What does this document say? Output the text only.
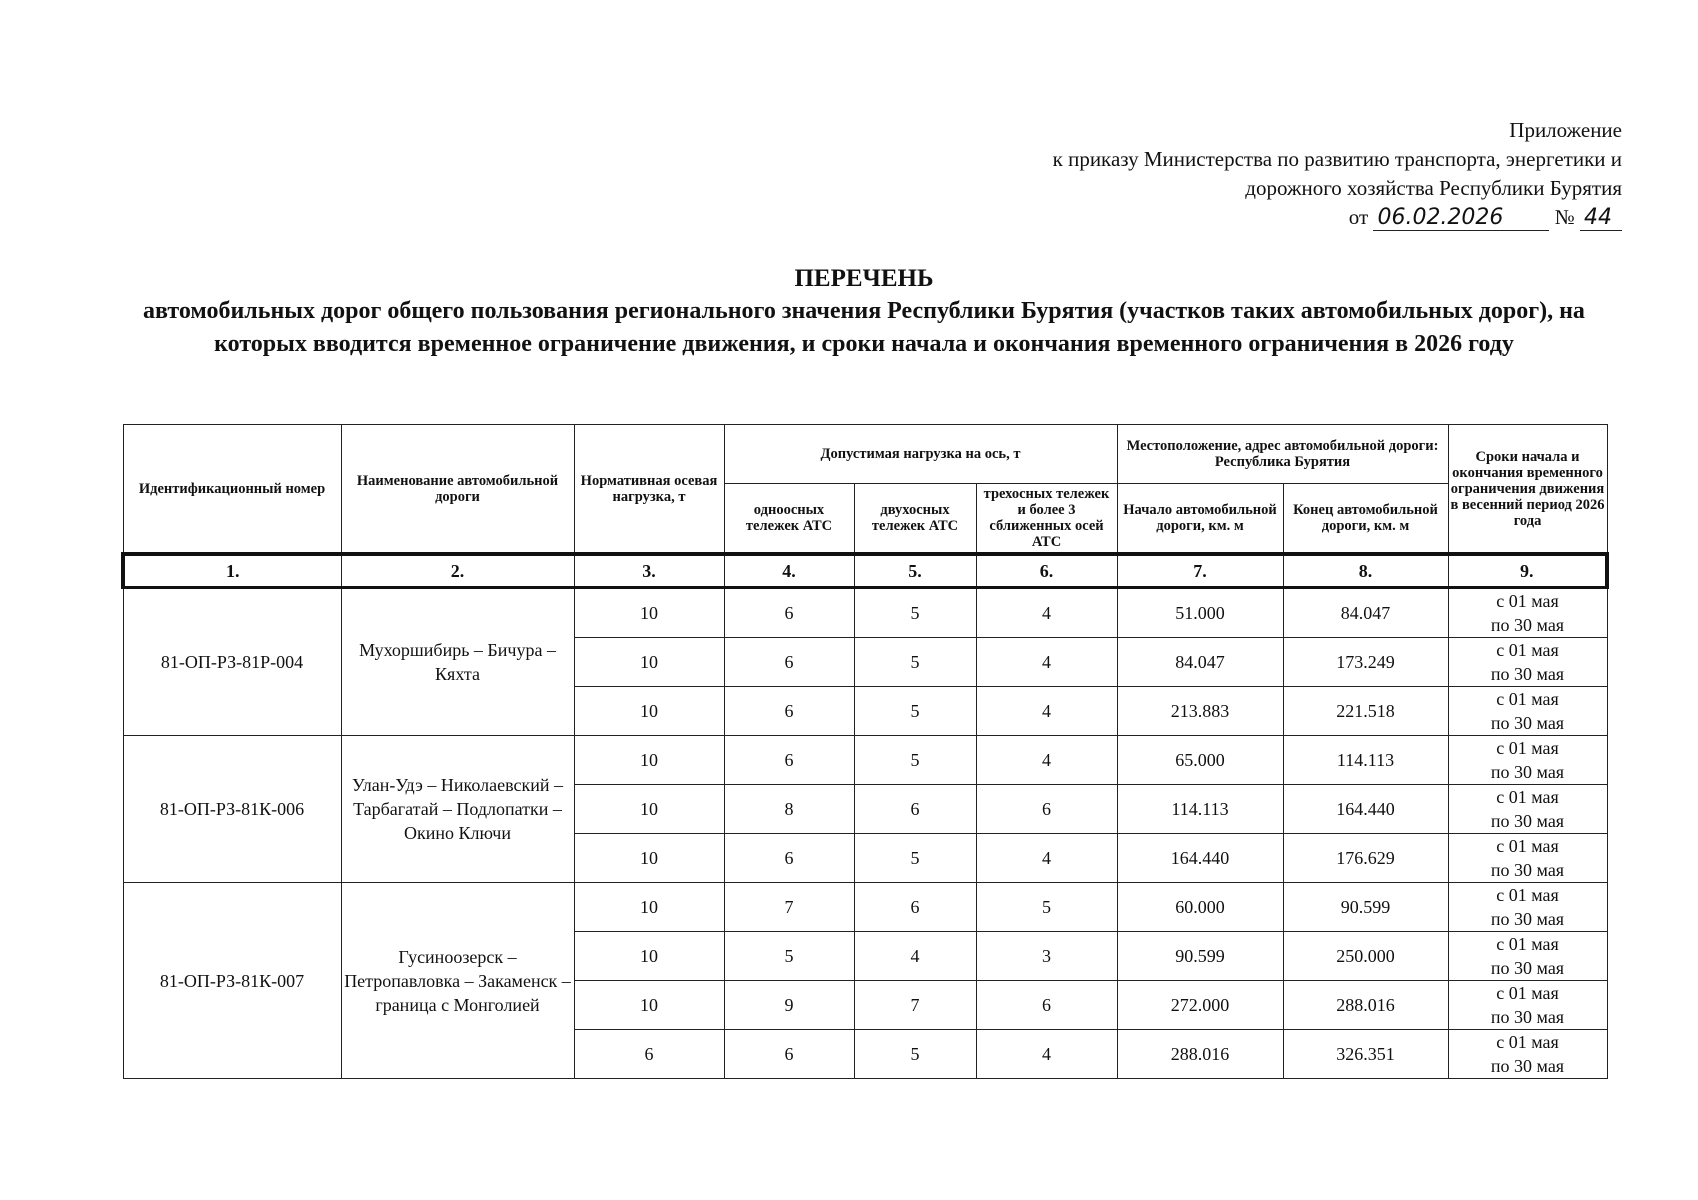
Приложение
к приказу Министерства по развитию транспорта, энергетики и
дорожного хозяйства Республики Бурятия
от 06.02.2026 № 44
ПЕРЕЧЕНЬ
автомобильных дорог общего пользования регионального значения Республики Бурятия (участков таких автомобильных дорог), на которых вводится временное ограничение движения, и сроки начала и окончания временного ограничения в 2026 году
Идентификационный номер	Наименование автомобильной дороги	Нормативная осевая нагрузка, т	Допустимая нагрузка на ось, т			Местоположение, адрес автомобильной дороги: Республика Бурятия		Сроки начала и окончания временного ограничения движения в весенний период 2026 года
			одноосных тележек АТС	двухосных тележек АТС	трехосных тележек и более 3 сближенных осей АТС	Начало автомобильной дороги, км. м	Конец автомобильной дороги, км. м	
1.	2.	3.	4.	5.	6.	7.	8.	9.
81-ОП-РЗ-81Р-004	Мухоршибирь – Бичура – Кяхта	10	6	5	4	51.000	84.047	с 01 мая
по 30 мая

		10	6	5	4	84.047	173.249	с 01 мая
по 30 мая

		10	6	5	4	213.883	221.518	с 01 мая
по 30 мая

81-ОП-РЗ-81К-006	Улан-Удэ – Николаевский – Тарбагатай – Подлопатки – Окино Ключи	10	6	5	4	65.000	114.113	с 01 мая
по 30 мая

		10	8	6	6	114.113	164.440	с 01 мая
по 30 мая

		10	6	5	4	164.440	176.629	с 01 мая
по 30 мая

81-ОП-РЗ-81К-007	Гусиноозерск – Петропавловка – Закаменск – граница с Монголией	10	7	6	5	60.000	90.599	с 01 мая
по 30 мая

		10	5	4	3	90.599	250.000	с 01 мая
по 30 мая

		10	9	7	6	272.000	288.016	с 01 мая
по 30 мая

		6	6	5	4	288.016	326.351	с 01 мая
по 30 мая
